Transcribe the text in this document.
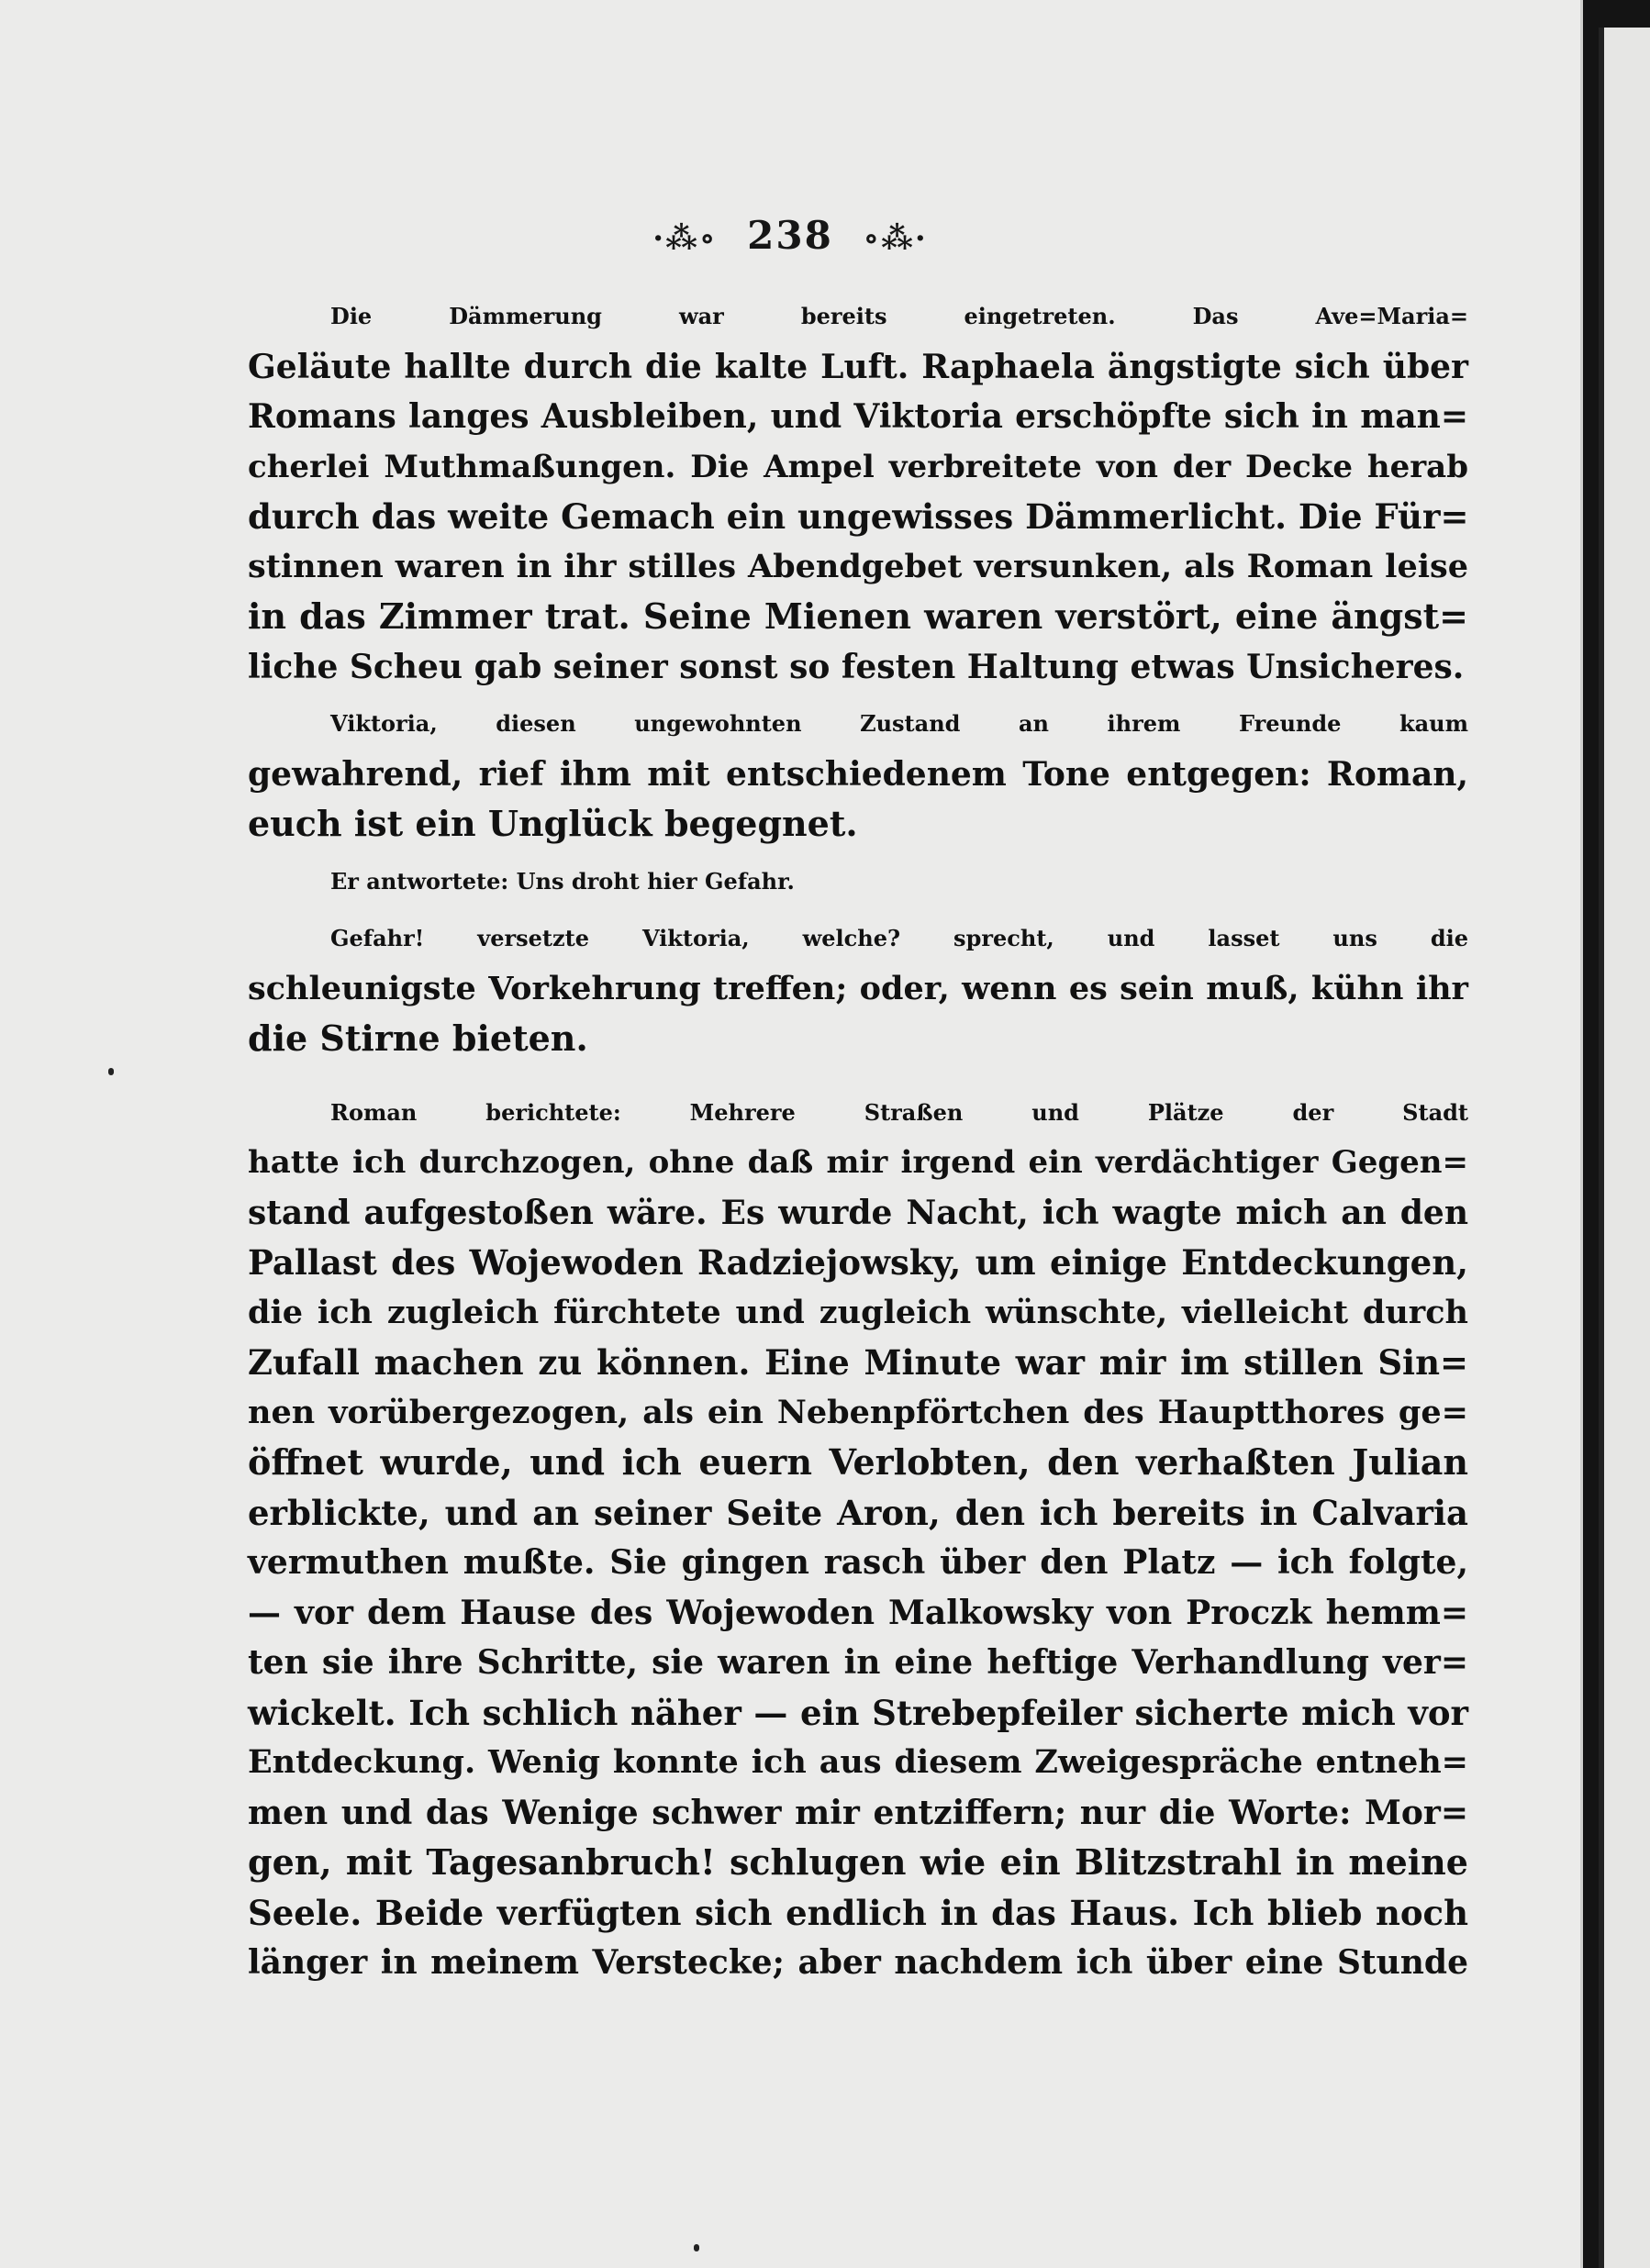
·⁂∘ 238 ∘⁂·

Die Dämmerung war bereits eingetreten. Das Ave=Maria=
Geläute hallte durch die kalte Luft. Raphaela ängstigte sich über
Romans langes Ausbleiben, und Viktoria erschöpfte sich in man=
cherlei Muthmaßungen. Die Ampel verbreitete von der Decke herab
durch das weite Gemach ein ungewisses Dämmerlicht. Die Für=
stinnen waren in ihr stilles Abendgebet versunken, als Roman leise
in das Zimmer trat. Seine Mienen waren verstört, eine ängst=
liche Scheu gab seiner sonst so festen Haltung etwas Unsicheres.

Viktoria, diesen ungewohnten Zustand an ihrem Freunde kaum
gewahrend, rief ihm mit entschiedenem Tone entgegen: Roman,
euch ist ein Unglück begegnet.

Er antwortete: Uns droht hier Gefahr.

Gefahr! versetzte Viktoria, welche? sprecht, und lasset uns die
schleunigste Vorkehrung treffen; oder, wenn es sein muß, kühn ihr
die Stirne bieten.

Roman berichtete: Mehrere Straßen und Plätze der Stadt
hatte ich durchzogen, ohne daß mir irgend ein verdächtiger Gegen=
stand aufgestoßen wäre. Es wurde Nacht, ich wagte mich an den
Pallast des Wojewoden Radziejowsky, um einige Entdeckungen,
die ich zugleich fürchtete und zugleich wünschte, vielleicht durch
Zufall machen zu können. Eine Minute war mir im stillen Sin=
nen vorübergezogen, als ein Nebenpförtchen des Hauptthores ge=
öffnet wurde, und ich euern Verlobten, den verhaßten Julian
erblickte, und an seiner Seite Aron, den ich bereits in Calvaria
vermuthen mußte. Sie gingen rasch über den Platz — ich folgte,
— vor dem Hause des Wojewoden Malkowsky von Proczk hemm=
ten sie ihre Schritte, sie waren in eine heftige Verhandlung ver=
wickelt. Ich schlich näher — ein Strebepfeiler sicherte mich vor
Entdeckung. Wenig konnte ich aus diesem Zweigespräche entneh=
men und das Wenige schwer mir entziffern; nur die Worte: Mor=
gen, mit Tagesanbruch! schlugen wie ein Blitzstrahl in meine
Seele. Beide verfügten sich endlich in das Haus. Ich blieb noch
länger in meinem Verstecke; aber nachdem ich über eine Stunde
